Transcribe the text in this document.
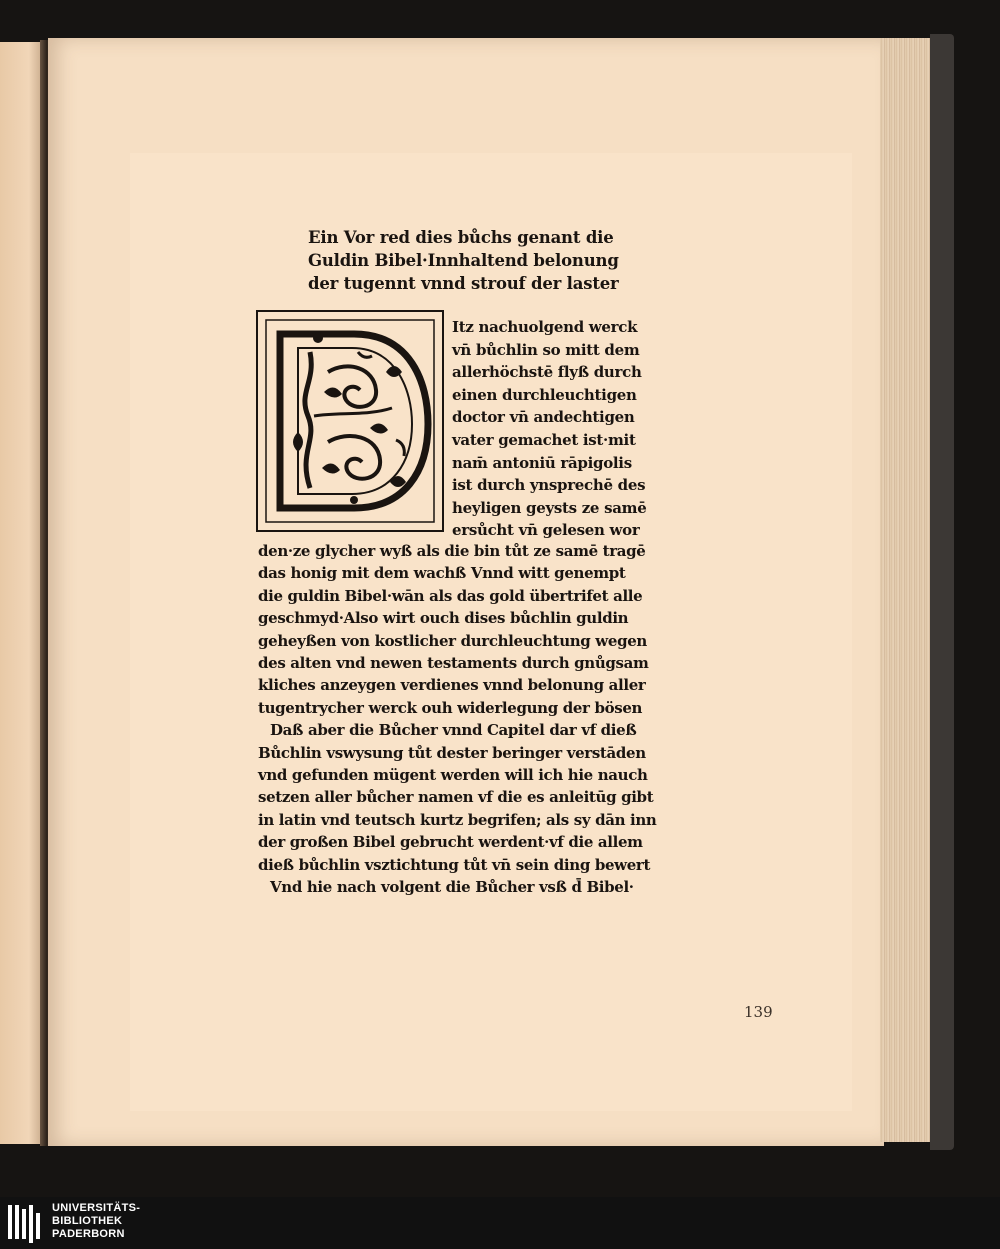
Ein Vor red dies bůchs genant die
Guldin Bibel·Innhaltend belonung
der tugennt vnnd strouf der laster
Itz nachuolgend werck
vn̄ bůchlin so mitt dem
allerhöchstē flyß durch
einen durchleuchtigen
doctor vn̄ andechtigen
vater gemachet ist·mit
nam̄ antoniū rāpigolis
ist durch ynsprechē des
heyligen geysts ze samē
ersůcht vn̄ gelesen wor
den·ze glycher wyß als die bin tůt ze samē tragē
das honig mit dem wachß Vnnd witt genempt
die guldin Bibel·wān als das gold übertrifet alle
geschmyd·Also wirt ouch dises bůchlin guldin
geheyßen von kostlicher durchleuchtung wegen
des alten vnd newen testaments durch gnůgsam
kliches anzeygen verdienes vnnd belonung aller
tugentrycher werck ouh widerlegung der bösen
Daß aber die Bůcher vnnd Capitel dar vf dieß
Bůchlin vswysung tůt dester beringer verstāden
vnd gefunden mügent werden will ich hie nauch
setzen aller bůcher namen vf die es anleitūg gibt
in latin vnd teutsch kurtz begrifen; als sy dān inn
der großen Bibel gebrucht werdent·vf die allem
dieß bůchlin vsztichtung tůt vn̄ sein ding bewert
Vnd hie nach volgent die Bůcher vsß d̄ Bibel·
139
UNIVERSITÄTS-
BIBLIOTHEK
PADERBORN
